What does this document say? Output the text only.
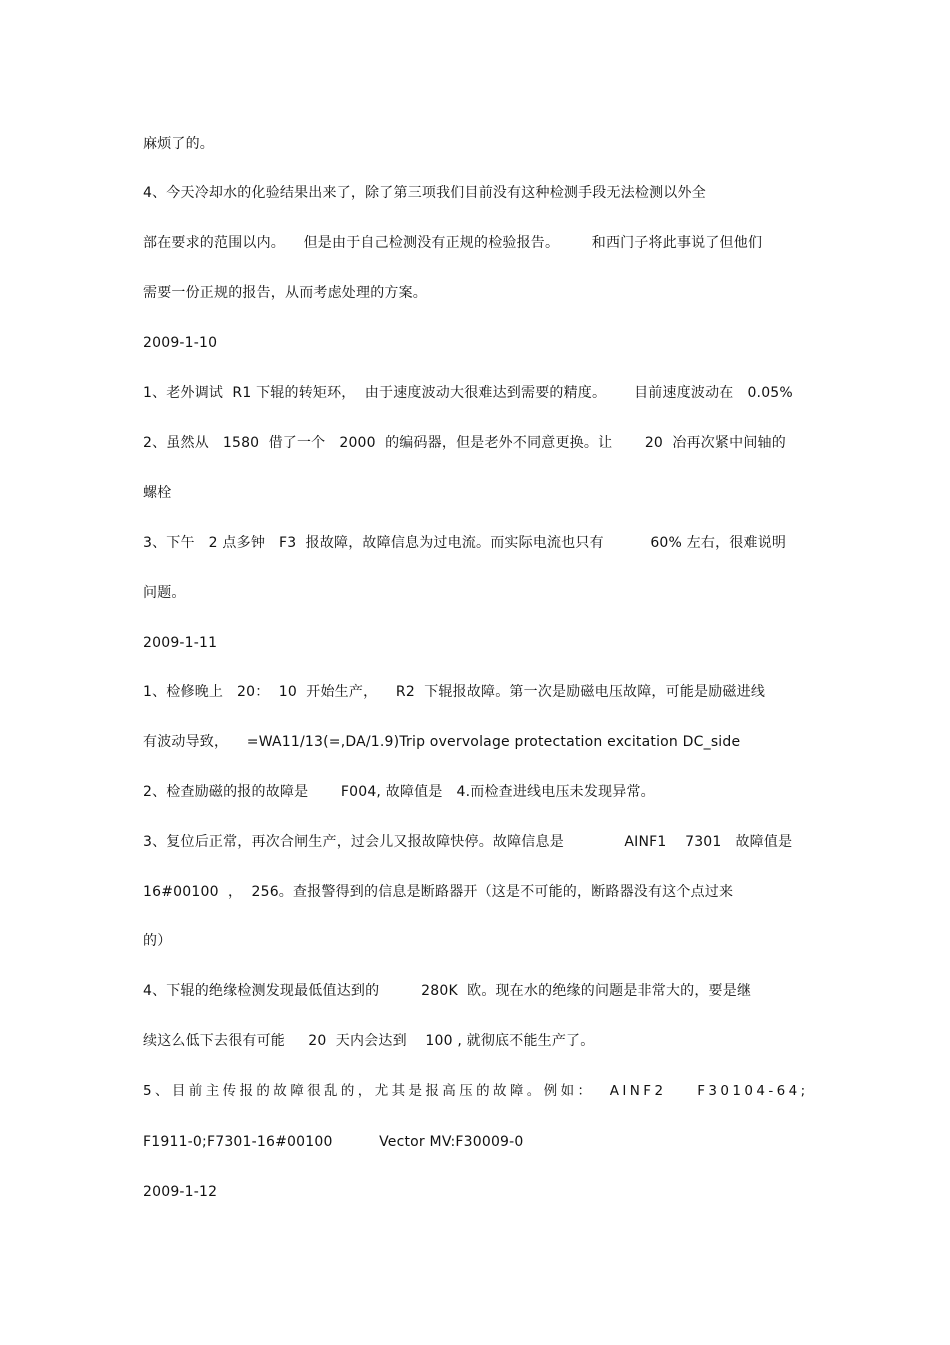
麻烦了的。
4、今天冷却水的化验结果出来了，除了第三项我们目前没有这种检测手段无法检测以外全
部在要求的范围以内。    但是由于自己检测没有正规的检验报告。       和西门子将此事说了但他们
需要一份正规的报告，从而考虑处理的方案。
2009-1-10
1、老外调试  R1 下辊的转矩环，  由于速度波动大很难达到需要的精度。      目前速度波动在   0.05%
2、虽然从   1580  借了一个   2000  的编码器，但是老外不同意更换。让       20  冶再次紧中间轴的
螺栓
3、下午   2 点多钟   F3  报故障，故障信息为过电流。而实际电流也只有          60% 左右，很难说明
问题。
2009-1-11
1、检修晚上   20：  10  开始生产，    R2  下辊报故障。第一次是励磁电压故障，可能是励磁进线
有波动导致，    =WA11/13(=,DA/1.9)Trip overvolage protectation excitation DC_side
2、检查励磁的报的故障是       F004, 故障值是   4.而检查进线电压未发现异常。
3、复位后正常，再次合闸生产，过会儿又报故障快停。故障信息是             AINF1    7301   故障值是
16#00100  ，  256。查报警得到的信息是断路器开（这是不可能的，断路器没有这个点过来
的）
4、下辊的绝缘检测发现最低值达到的         280K  欧。现在水的绝缘的问题是非常大的，要是继
续这么低下去很有可能     20  天内会达到    100 , 就彻底不能生产了。
5、目前主传报的故障很乱的，尤其是报高压的故障。例如：  AINF2    F30104-64;
F1911-0;F7301-16#00100          Vector MV:F30009-0
2009-1-12
